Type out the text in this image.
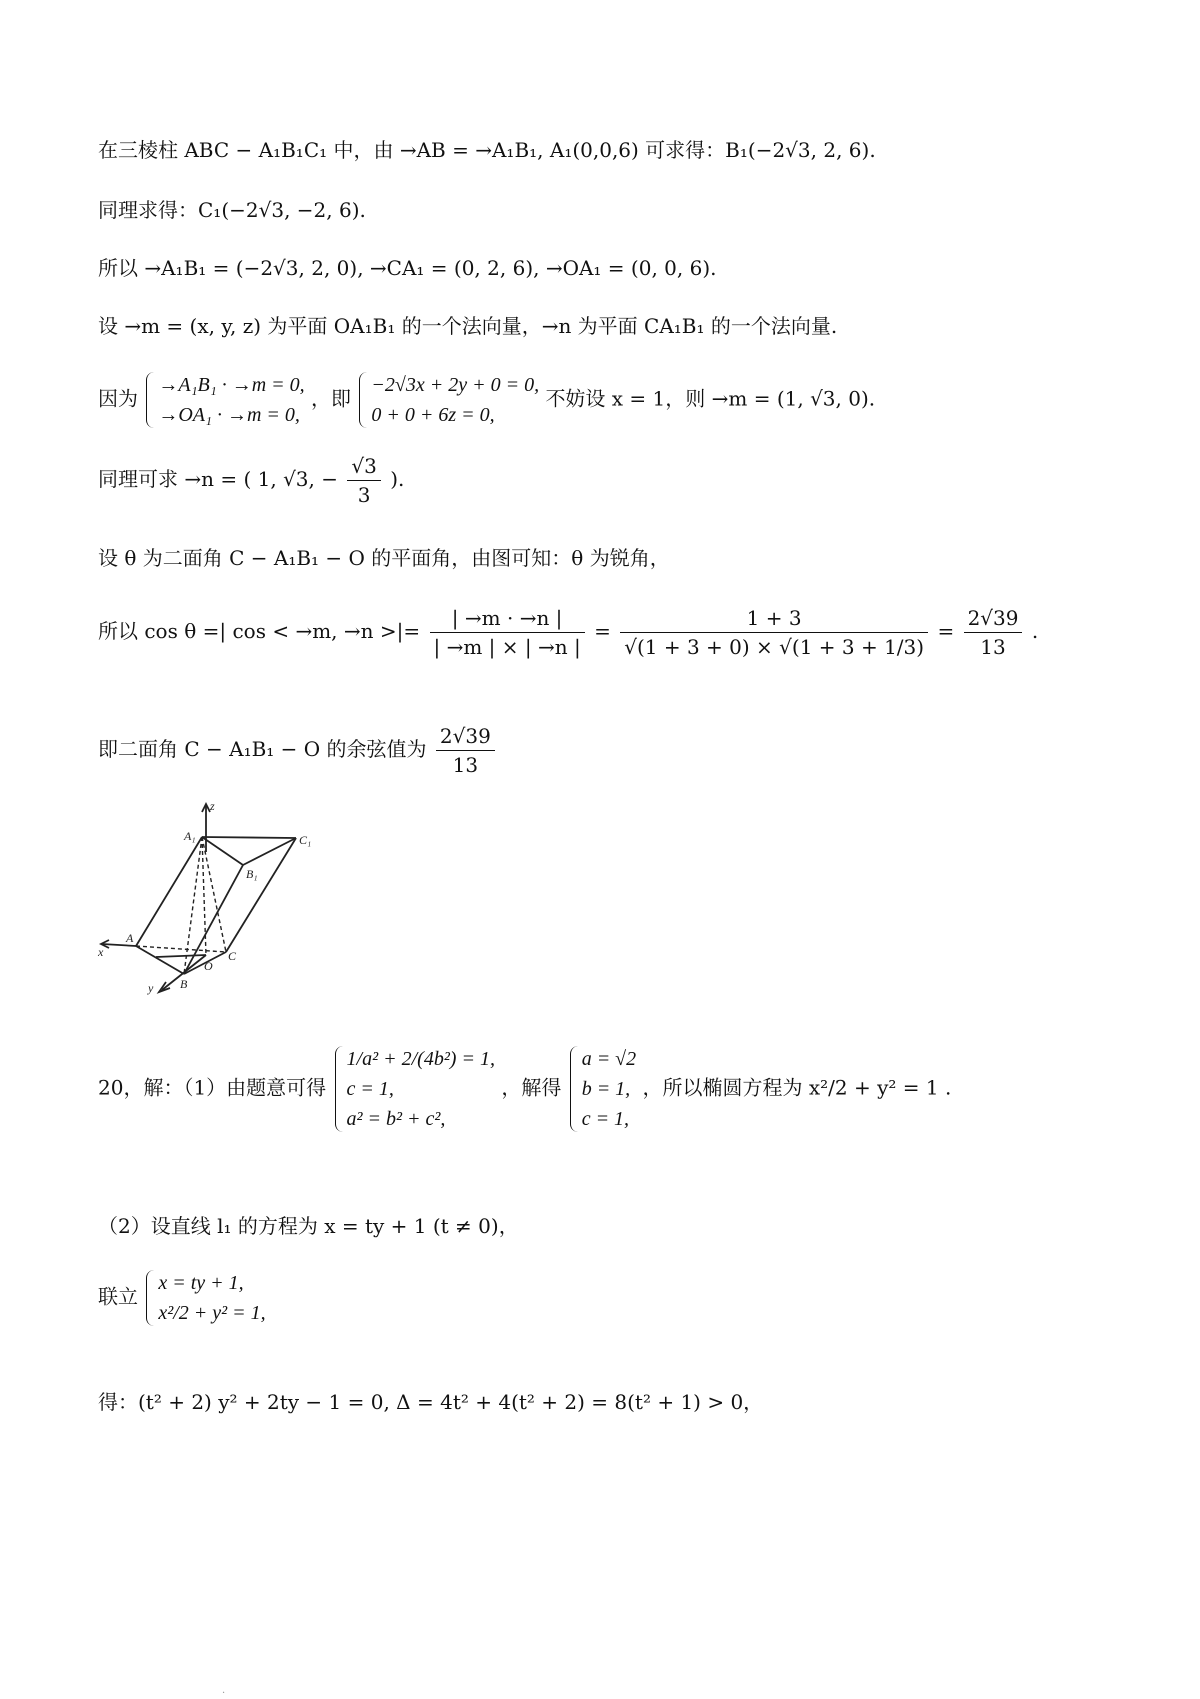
在三棱柱 ABC − A₁B₁C₁ 中，由 →AB = →A₁B₁, A₁(0,0,6) 可求得：B₁(−2√3, 2, 6).
同理求得：C₁(−2√3, −2, 6).
所以 →A₁B₁ = (−2√3, 2, 0), →CA₁ = (0, 2, 6), →OA₁ = (0, 0, 6).
设 →m = (x, y, z) 为平面 OA₁B₁ 的一个法向量，→n 为平面 CA₁B₁ 的一个法向量.
因为
→A₁B₁ · →m = 0,
→OA₁ · →m = 0,
，即
−2√3x + 2y + 0 = 0,
0 + 0 + 6z = 0,
不妨设 x = 1，则 →m = (1, √3, 0).
同理可求 →n = ( 1, √3, − $\frac{√3}{3}$ ).
设 θ 为二面角 C − A₁B₁ − O 的平面角，由图可知：θ 为锐角，
所以 cos θ =| cos < →m, →n >|= $\frac{| \to m \cdot \to n |}{| \to m | \times | \to n |} = \frac{1 + 3}{√(1 + 3 + 0) \times √(1 + 3 + 1/3)} = \frac{2√39}{13}$ .
即二面角 C − A₁B₁ − O 的余弦值为 $\frac{2√39}{13}$
z
A₁	C₁
B₁
A
O
C
B
x
y
20，解：（1）由题意可得
1/a² + 2/(4b²) = 1,
c = 1,
a² = b² + c²,
，解得
a = √2
b = 1,
c = 1,
，所以椭圆方程为 x²/2 + y² = 1 .
（2）设直线 l₁ 的方程为 x = ty + 1 (t ≠ 0)，
联立
x = ty + 1,
x²/2 + y² = 1,
得：(t² + 2) y² + 2ty − 1 = 0, Δ = 4t² + 4(t² + 2) = 8(t² + 1) > 0，
·
